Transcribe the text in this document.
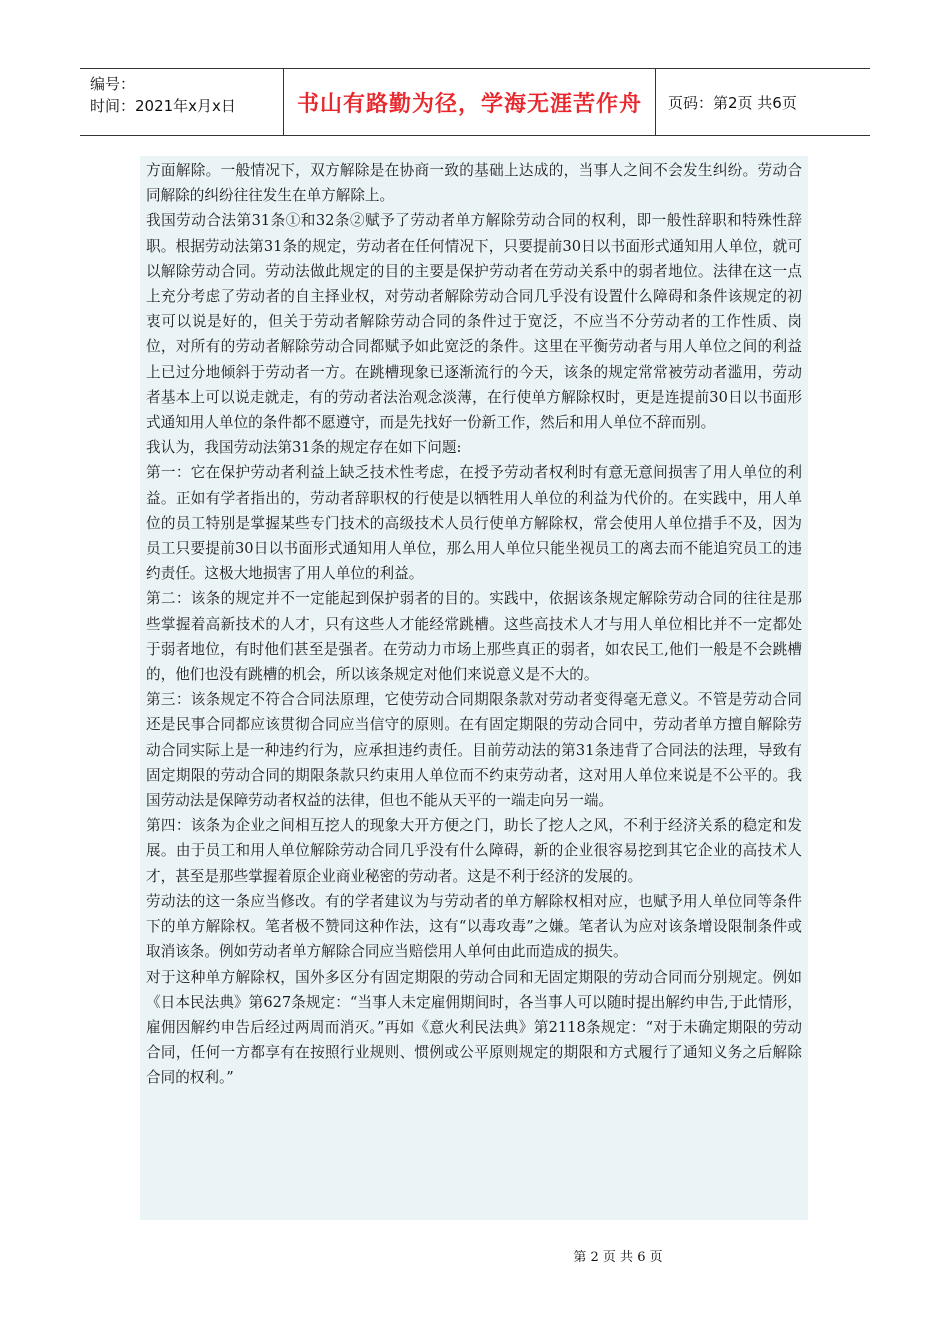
编号：
时间：2021年x月x日	书山有路勤为径，学海无涯苦作舟	页码：第2页 共6页

方面解除。一般情况下，双方解除是在协商一致的基础上达成的，当事人之间不会发生纠纷。劳动合同解除的纠纷往往发生在单方解除上。

我国劳动合法第31条①和32条②赋予了劳动者单方解除劳动合同的权利，即一般性辞职和特殊性辞职。根据劳动法第31条的规定，劳动者在任何情况下，只要提前30日以书面形式通知用人单位，就可以解除劳动合同。劳动法做此规定的目的主要是保护劳动者在劳动关系中的弱者地位。法律在这一点上充分考虑了劳动者的自主择业权，对劳动者解除劳动合同几乎没有设置什么障碍和条件该规定的初衷可以说是好的，但关于劳动者解除劳动合同的条件过于宽泛，不应当不分劳动者的工作性质、岗位，对所有的劳动者解除劳动合同都赋予如此宽泛的条件。这里在平衡劳动者与用人单位之间的利益上已过分地倾斜于劳动者一方。在跳槽现象已逐渐流行的今天，该条的规定常常被劳动者滥用，劳动者基本上可以说走就走，有的劳动者法治观念淡薄，在行使单方解除权时，更是连提前30日以书面形式通知用人单位的条件都不愿遵守，而是先找好一份新工作，然后和用人单位不辞而别。

我认为，我国劳动法第31条的规定存在如下问题:

第一：它在保护劳动者利益上缺乏技术性考虑，在授予劳动者权利时有意无意间损害了用人单位的利益。正如有学者指出的，劳动者辞职权的行使是以牺牲用人单位的利益为代价的。在实践中，用人单位的员工特别是掌握某些专门技术的高级技术人员行使单方解除权，常会使用人单位措手不及，因为员工只要提前30日以书面形式通知用人单位，那么用人单位只能坐视员工的离去而不能追究员工的违约责任。这极大地损害了用人单位的利益。

第二：该条的规定并不一定能起到保护弱者的目的。实践中，依据该条规定解除劳动合同的往往是那些掌握着高新技术的人才，只有这些人才能经常跳槽。这些高技术人才与用人单位相比并不一定都处于弱者地位，有时他们甚至是强者。在劳动力市场上那些真正的弱者，如农民工,他们一般是不会跳槽的，他们也没有跳槽的机会，所以该条规定对他们来说意义是不大的。

第三：该条规定不符合合同法原理，它使劳动合同期限条款对劳动者变得毫无意义。不管是劳动合同还是民事合同都应该贯彻合同应当信守的原则。在有固定期限的劳动合同中，劳动者单方擅自解除劳动合同实际上是一种违约行为，应承担违约责任。目前劳动法的第31条违背了合同法的法理，导致有固定期限的劳动合同的期限条款只约束用人单位而不约束劳动者，这对用人单位来说是不公平的。我国劳动法是保障劳动者权益的法律，但也不能从天平的一端走向另一端。

第四：该条为企业之间相互挖人的现象大开方便之门，助长了挖人之风，不利于经济关系的稳定和发展。由于员工和用人单位解除劳动合同几乎没有什么障碍，新的企业很容易挖到其它企业的高技术人才，甚至是那些掌握着原企业商业秘密的劳动者。这是不利于经济的发展的。

劳动法的这一条应当修改。有的学者建议为与劳动者的单方解除权相对应，也赋予用人单位同等条件下的单方解除权。笔者极不赞同这种作法，这有“以毒攻毒”之嫌。笔者认为应对该条增设限制条件或取消该条。例如劳动者单方解除合同应当赔偿用人单何由此而造成的损失。

对于这种单方解除权，国外多区分有固定期限的劳动合同和无固定期限的劳动合同而分别规定。例如《日本民法典》第627条规定：“当事人未定雇佣期间时，各当事人可以随时提出解约申告,于此情形，雇佣因解约申告后经过两周而消灭。”再如《意火利民法典》第2118条规定：“对于未确定期限的劳动合同，任何一方都享有在按照行业规则、惯例或公平原则规定的期限和方式履行了通知义务之后解除合同的权利。”

第 2 页 共 6 页
